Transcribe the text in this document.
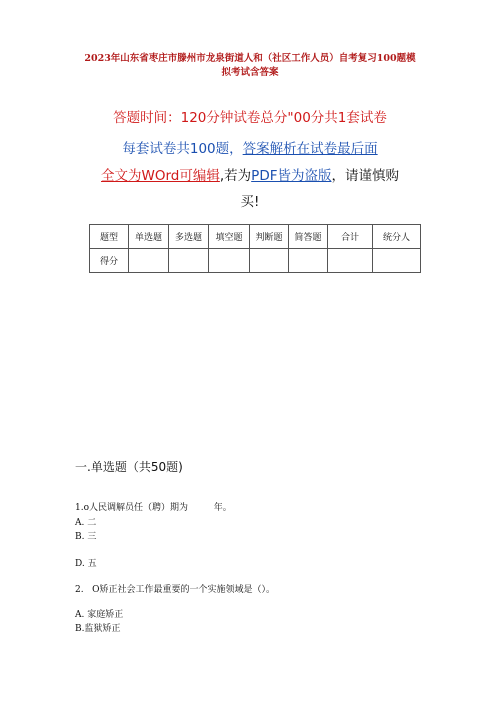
2023年山东省枣庄市滕州市龙泉街道人和（社区工作人员）自考复习100题模
拟考试含答案
答题时间：120分钟试卷总分"00分共1套试卷
每套试卷共100题，答案解析在试卷最后面
全文为WOrd可编辑,若为PDF皆为盗版，请谨慎购
买!
题型	单选题	多选题	填空题	判断题	简答题	合计	统分人
得分							
一.单选题（共50题)
1.o人民调解员任（聘）期为         年。
A. 二
B. 三
D. 五
2.   O矫正社会工作最重要的一个实施领域是（）。
A. 家庭矫正
B.监狱矫正
